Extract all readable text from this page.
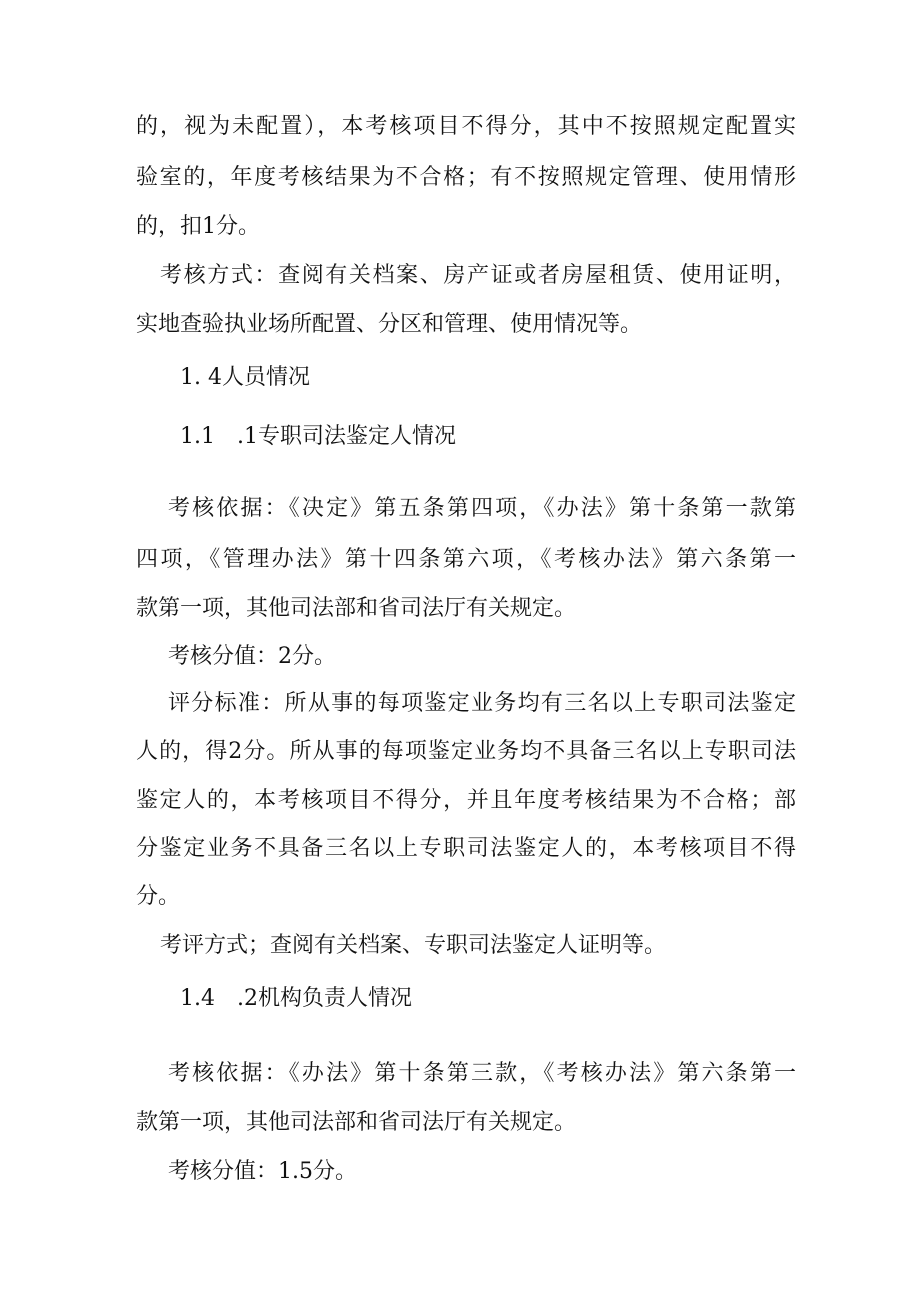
的，视为未配置），本考核项目不得分，其中不按照规定配置实
验室的，年度考核结果为不合格；有不按照规定管理、使用情形
的，扣1分。
考核方式：查阅有关档案、房产证或者房屋租赁、使用证明，
实地查验执业场所配置、分区和管理、使用情况等。
1. 4人员情况
1.1　.1专职司法鉴定人情况
考核依据：《决定》第五条第四项，《办法》第十条第一款第
四项，《管理办法》第十四条第六项，《考核办法》第六条第一
款第一项，其他司法部和省司法厅有关规定。
考核分值：2分。
评分标准：所从事的每项鉴定业务均有三名以上专职司法鉴定
人的，得2分。所从事的每项鉴定业务均不具备三名以上专职司法
鉴定人的，本考核项目不得分，并且年度考核结果为不合格；部
分鉴定业务不具备三名以上专职司法鉴定人的，本考核项目不得
分。
考评方式；查阅有关档案、专职司法鉴定人证明等。
1.4　.2机构负责人情况
考核依据：《办法》第十条第三款，《考核办法》第六条第一
款第一项，其他司法部和省司法厅有关规定。
考核分值：1.5分。
